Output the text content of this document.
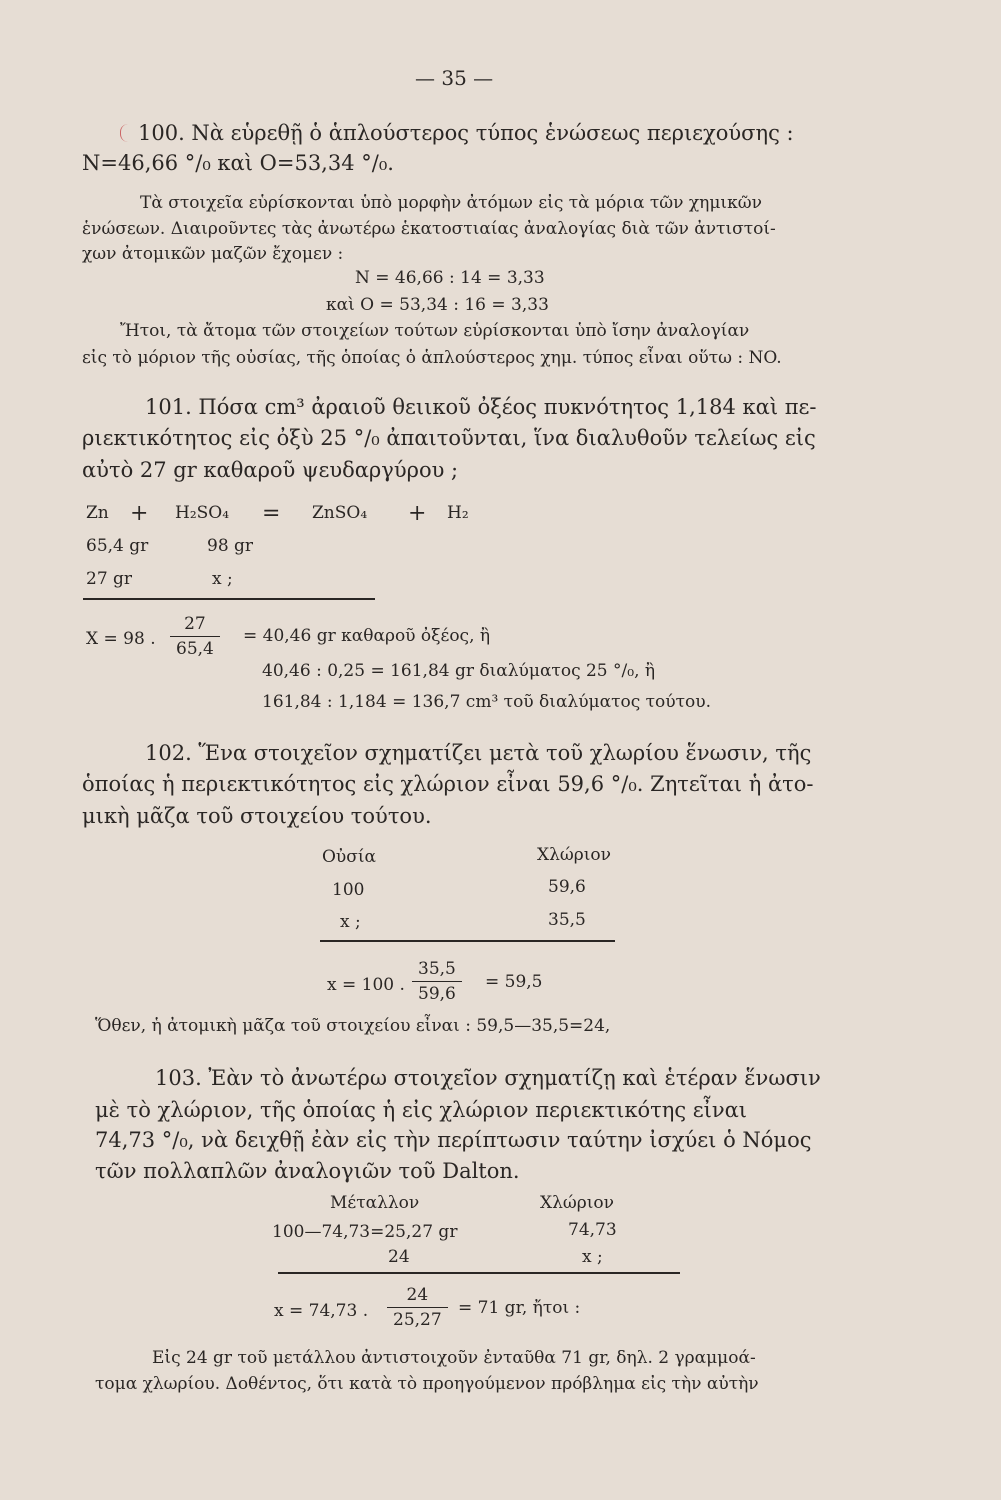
— 35 —
100. Νὰ εὑρεθῇ ὁ ἁπλούστερος τύπος ἑνώσεως περιεχούσης :
N=46,66 °/₀ καὶ O=53,34 °/₀.
Τὰ στοιχεῖα εὑρίσκονται ὑπὸ μορφὴν ἀτόμων εἰς τὰ μόρια τῶν χημικῶν
ἑνώσεων. Διαιροῦντες τὰς ἀνωτέρω ἑκατοστιαίας ἀναλογίας διὰ τῶν ἀντιστοί-
χων ἀτομικῶν μαζῶν ἔχομεν :
N = 46,66 : 14 = 3,33
καὶ O = 53,34 : 16 = 3,33
Ἤτοι, τὰ ἄτομα τῶν στοιχείων τούτων εὑρίσκονται ὑπὸ ἴσην ἀναλογίαν
εἰς τὸ μόριον τῆς οὐσίας, τῆς ὁποίας ὁ ἁπλούστερος χημ. τύπος εἶναι οὕτω : NO.
101. Πόσα cm³ ἀραιοῦ θειικοῦ ὀξέος πυκνότητος 1,184 καὶ πε-
ριεκτικότητος εἰς ὀξὺ 25 °/₀ ἀπαιτοῦνται, ἵνα διαλυθοῦν τελείως εἰς
αὐτὸ 27 gr καθαροῦ ψευδαργύρου ;
Zn + H₂SO₄ = ZnSO₄ + H₂
65,4 gr	98 gr
27 gr	x ;
X = 98 . $\frac{27}{65,4} = 40,46$ gr καθαροῦ ὀξέος, ἢ
40,46 : 0,25 = 161,84 gr διαλύματος 25 °/₀, ἢ
161,84 : 1,184 = 136,7 cm³ τοῦ διαλύματος τούτου.
102. Ἕνα στοιχεῖον σχηματίζει μετὰ τοῦ χλωρίου ἕνωσιν, τῆς
ὁποίας ἡ περιεκτικότητος εἰς χλώριον εἶναι 59,6 °/₀. Ζητεῖται ἡ ἀτο-
μικὴ μᾶζα τοῦ στοιχείου τούτου.
Οὐσία	Χλώριον
100	59,6
x ;	35,5
x = 100 . $\frac{35,5}{59,6} = 59,5$
Ὅθεν, ἡ ἀτομικὴ μᾶζα τοῦ στοιχείου εἶναι : 59,5—35,5=24,
103. Ἐὰν τὸ ἀνωτέρω στοιχεῖον σχηματίζῃ καὶ ἑτέραν ἕνωσιν
μὲ τὸ χλώριον, τῆς ὁποίας ἡ εἰς χλώριον περιεκτικότης εἶναι
74,73 °/₀, νὰ δειχθῇ ἐὰν εἰς τὴν περίπτωσιν ταύτην ἰσχύει ὁ Νόμος
τῶν πολλαπλῶν ἀναλογιῶν τοῦ Dalton.
Μέταλλον	Χλώριον
100—74,73=25,27 gr	74,73
24	x ;
x = 74,73 . $\frac{24}{25,27} = 71$ gr, ἤτοι :
Εἰς 24 gr τοῦ μετάλλου ἀντιστοιχοῦν ἐνταῦθα 71 gr, δηλ. 2 γραμμοά-
τομα χλωρίου. Δοθέντος, ὅτι κατὰ τὸ προηγούμενον πρόβλημα εἰς τὴν αὐτὴν
